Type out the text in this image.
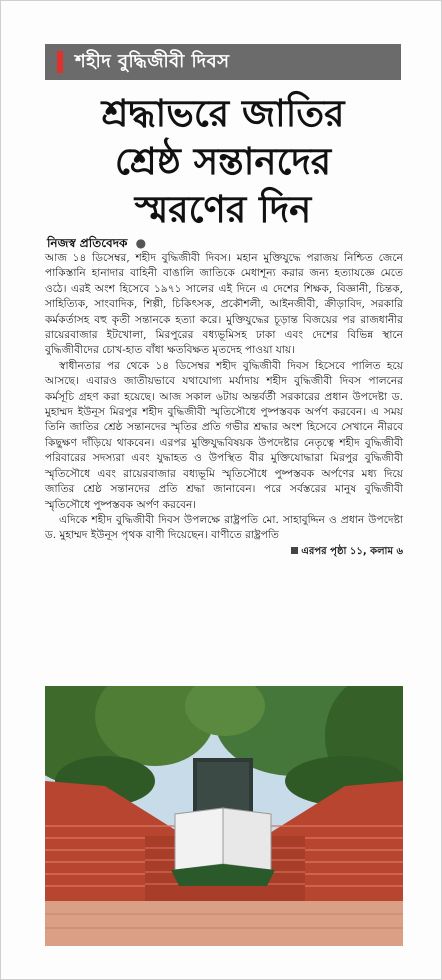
শহীদ বুদ্ধিজীবী দিবস
শ্রদ্ধাভরে জাতির
শ্রেষ্ঠ সন্তানদের
স্মরণের দিন
নিজস্ব প্রতিবেদক ●

আজ ১৪ ডিসেম্বর, শহীদ বুদ্ধিজীবী দিবস। মহান মুক্তিযুদ্ধে পরাজয় নিশ্চিত জেনে পাকিস্তানি হানাদার বাহিনী বাঙালি জাতিকে মেধাশূন্য করার জন্য হত্যাযজ্ঞে মেতে ওঠে। এরই অংশ হিসেবে ১৯৭১ সালের এই দিনে এ দেশের শিক্ষক, বিজ্ঞানী, চিন্তক, সাহিত্যিক, সাংবাদিক, শিল্পী, চিকিৎসক, প্রকৌশলী, আইনজীবী, ক্রীড়াবিদ, সরকারি কর্মকর্তাসহ বহু কৃতী সন্তানকে হত্যা করে। মুক্তিযুদ্ধের চূড়ান্ত বিজয়ের পর রাজধানীর রায়েরবাজার ইটখোলা, মিরপুরের বধ্যভূমিসহ ঢাকা এবং দেশের বিভিন্ন স্থানে বুদ্ধিজীবীদের চোখ-হাত বাঁধা ক্ষতবিক্ষত মৃতদেহ পাওয়া যায়।

স্বাধীনতার পর থেকে ১৪ ডিসেম্বর শহীদ বুদ্ধিজীবী দিবস হিসেবে পালিত হয়ে আসছে। এবারও জাতীয়ভাবে যথাযোগ্য মর্যাদায় শহীদ বুদ্ধিজীবী দিবস পালনের কর্মসূচি গ্রহণ করা হয়েছে। আজ সকাল ৬টায় অন্তর্বর্তী সরকারের প্রধান উপদেষ্টা ড. মুহাম্মদ ইউনূস মিরপুর শহীদ বুদ্ধিজীবী স্মৃতিসৌধে পুষ্পস্তবক অর্পণ করবেন। এ সময় তিনি জাতির শ্রেষ্ঠ সন্তানদের স্মৃতির প্রতি গভীর শ্রদ্ধার অংশ হিসেবে সেখানে নীরবে কিছুক্ষণ দাঁড়িয়ে থাকবেন। এরপর মুক্তিযুদ্ধবিষয়ক উপদেষ্টার নেতৃত্বে শহীদ বুদ্ধিজীবী পরিবারের সদস্যরা এবং যুদ্ধাহত ও উপস্থিত বীর মুক্তিযোদ্ধারা মিরপুর বুদ্ধিজীবী স্মৃতিসৌধে এবং রায়েরবাজার বধ্যভূমি স্মৃতিসৌধে পুষ্পস্তবক অর্পণের মধ্য দিয়ে জাতির শ্রেষ্ঠ সন্তানদের প্রতি শ্রদ্ধা জানাবেন। পরে সর্বস্তরের মানুষ বুদ্ধিজীবী স্মৃতিসৌধে পুষ্পস্তবক অর্পণ করবেন।

এদিকে শহীদ বুদ্ধিজীবী দিবস উপলক্ষে রাষ্ট্রপতি মো. সাহাবুদ্দিন ও প্রধান উপদেষ্টা ড. মুহাম্মদ ইউনূস পৃথক বাণী দিয়েছেন। বাণীতে রাষ্ট্রপতি

এরপর পৃষ্ঠা ১১, কলাম ৬
